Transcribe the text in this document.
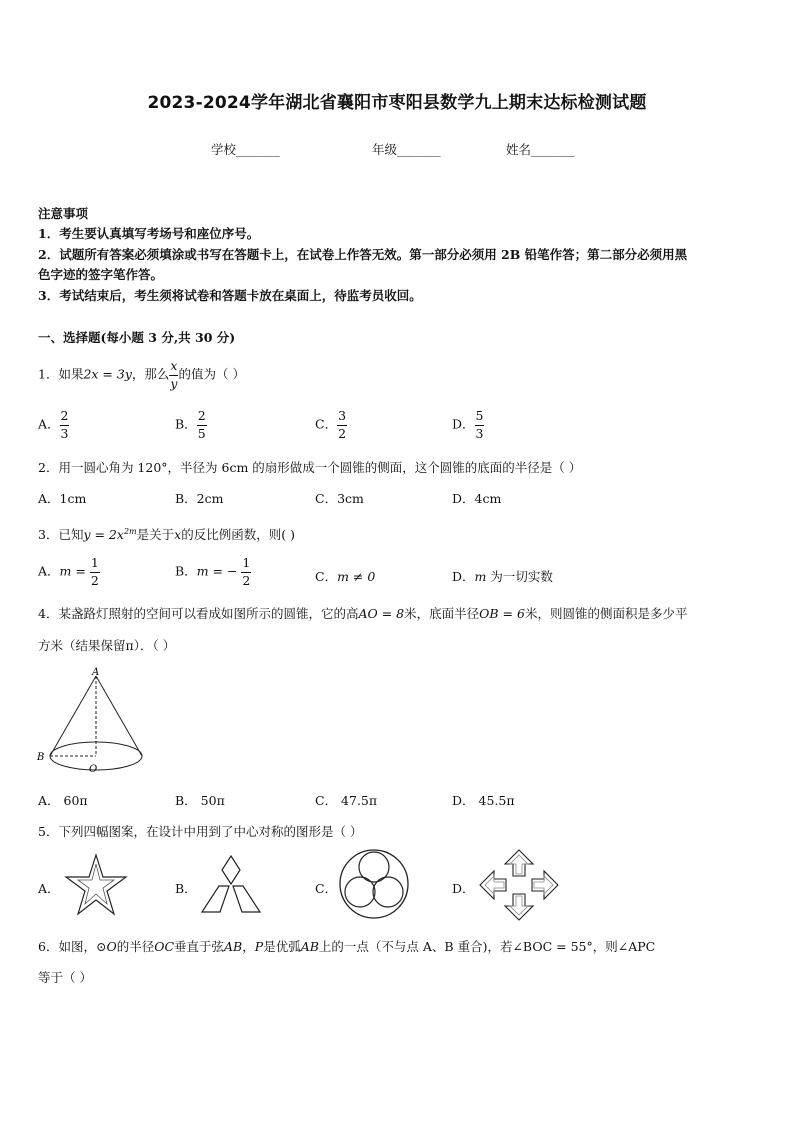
2023-2024学年湖北省襄阳市枣阳县数学九上期末达标检测试题
学校_______	年级_______	姓名_______
注意事项
1．考生要认真填写考场号和座位序号。
2．试题所有答案必须填涂或书写在答题卡上，在试卷上作答无效。第一部分必须用 2B 铅笔作答；第二部分必须用黑
色字迹的签字笔作答。
3．考试结束后，考生须将试卷和答题卡放在桌面上，待监考员收回。
一、选择题(每小题 3 分,共 30 分)
1．如果2x = 3y，那么 $\frac{x}{y}$ 的值为（ ）
A． $\frac{2}{3}$	B． $\frac{2}{5}$	C． $\frac{3}{2}$	D． $\frac{5}{3}$
2．用一圆心角为 120°，半径为 6cm 的扇形做成一个圆锥的侧面，这个圆锥的底面的半径是（ ）
A．1cm	B．2cm	C．3cm	D．4cm
3．已知$y = 2x^{2m}$是关于x的反比例函数，则( )
A．$m = \frac{1}{2}$	B．m = − $\frac{1}{2}$	C．m ≠ 0	D．m 为一切实数
4．某盏路灯照射的空间可以看成如图所示的圆锥，它的高AO = 8米，底面半径OB = 6米，则圆锥的侧面积是多少平
方米（结果保留π）．（ ）
A
B
O
A． 60π	B． 50π	C． 47.5π	D． 45.5π
5．下列四幅图案，在设计中用到了中心对称的图形是（ ）
A．	B．	C．	D．
6．如图，⊙O的半径OC垂直于弦AB，P是优弧AB上的一点（不与点 A、B 重合)，若∠BOC = 55°，则∠APC
等于（ ）
